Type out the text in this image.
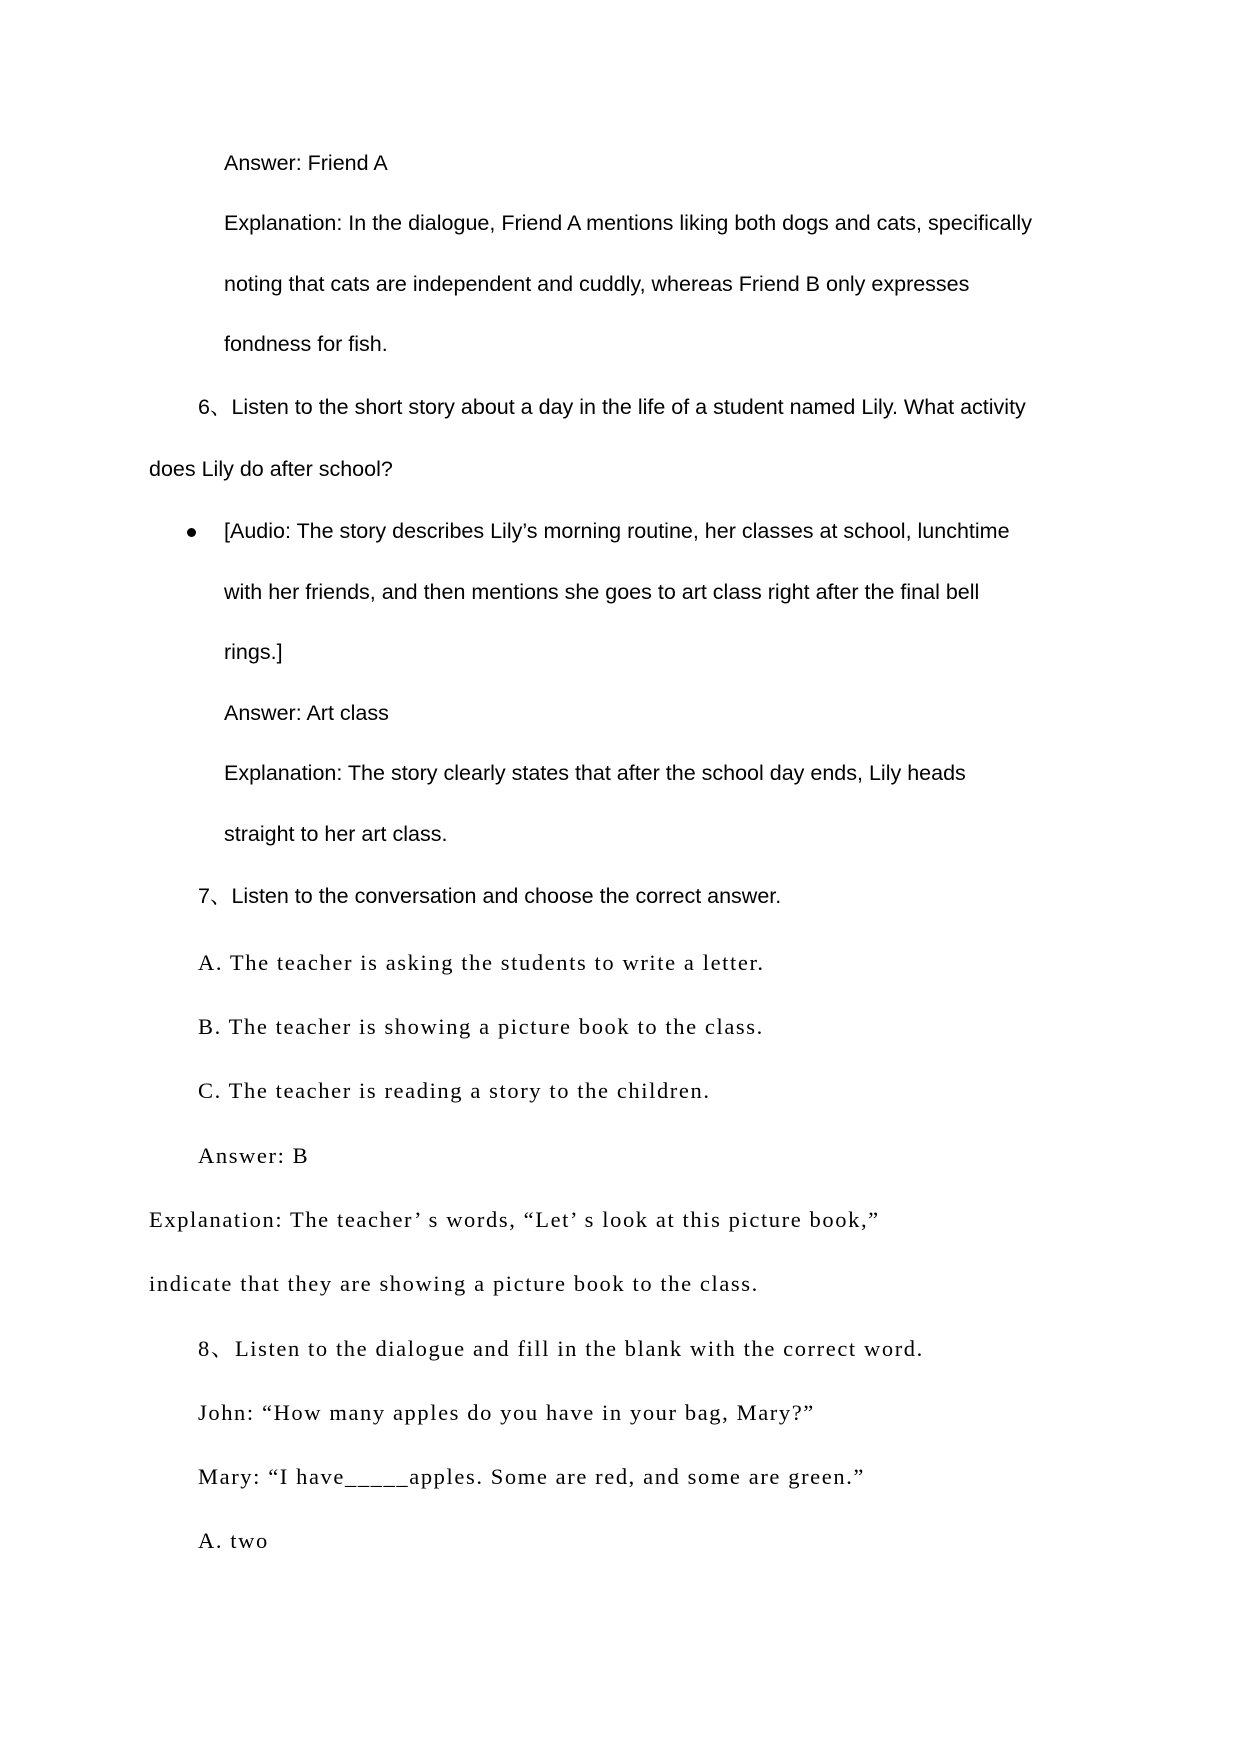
Answer: Friend A
Explanation: In the dialogue, Friend A mentions liking both dogs and cats, specifically
noting that cats are independent and cuddly, whereas Friend B only expresses
fondness for fish.
6、Listen to the short story about a day in the life of a student named Lily. What activity
does Lily do after school?
[Audio: The story describes Lily’s morning routine, her classes at school, lunchtime
with her friends, and then mentions she goes to art class right after the final bell
rings.]
Answer: Art class
Explanation: The story clearly states that after the school day ends, Lily heads
straight to her art class.
7、Listen to the conversation and choose the correct answer.
A. The teacher is asking the students to write a letter.
B. The teacher is showing a picture book to the class.
C. The teacher is reading a story to the children.
Answer: B
Explanation: The teacher’ s words, “Let’ s look at this picture book,”
indicate that they are showing a picture book to the class.
8、Listen to the dialogue and fill in the blank with the correct word.
John: “How many apples do you have in your bag, Mary?”
Mary: “I have_____apples. Some are red, and some are green.”
A. two
